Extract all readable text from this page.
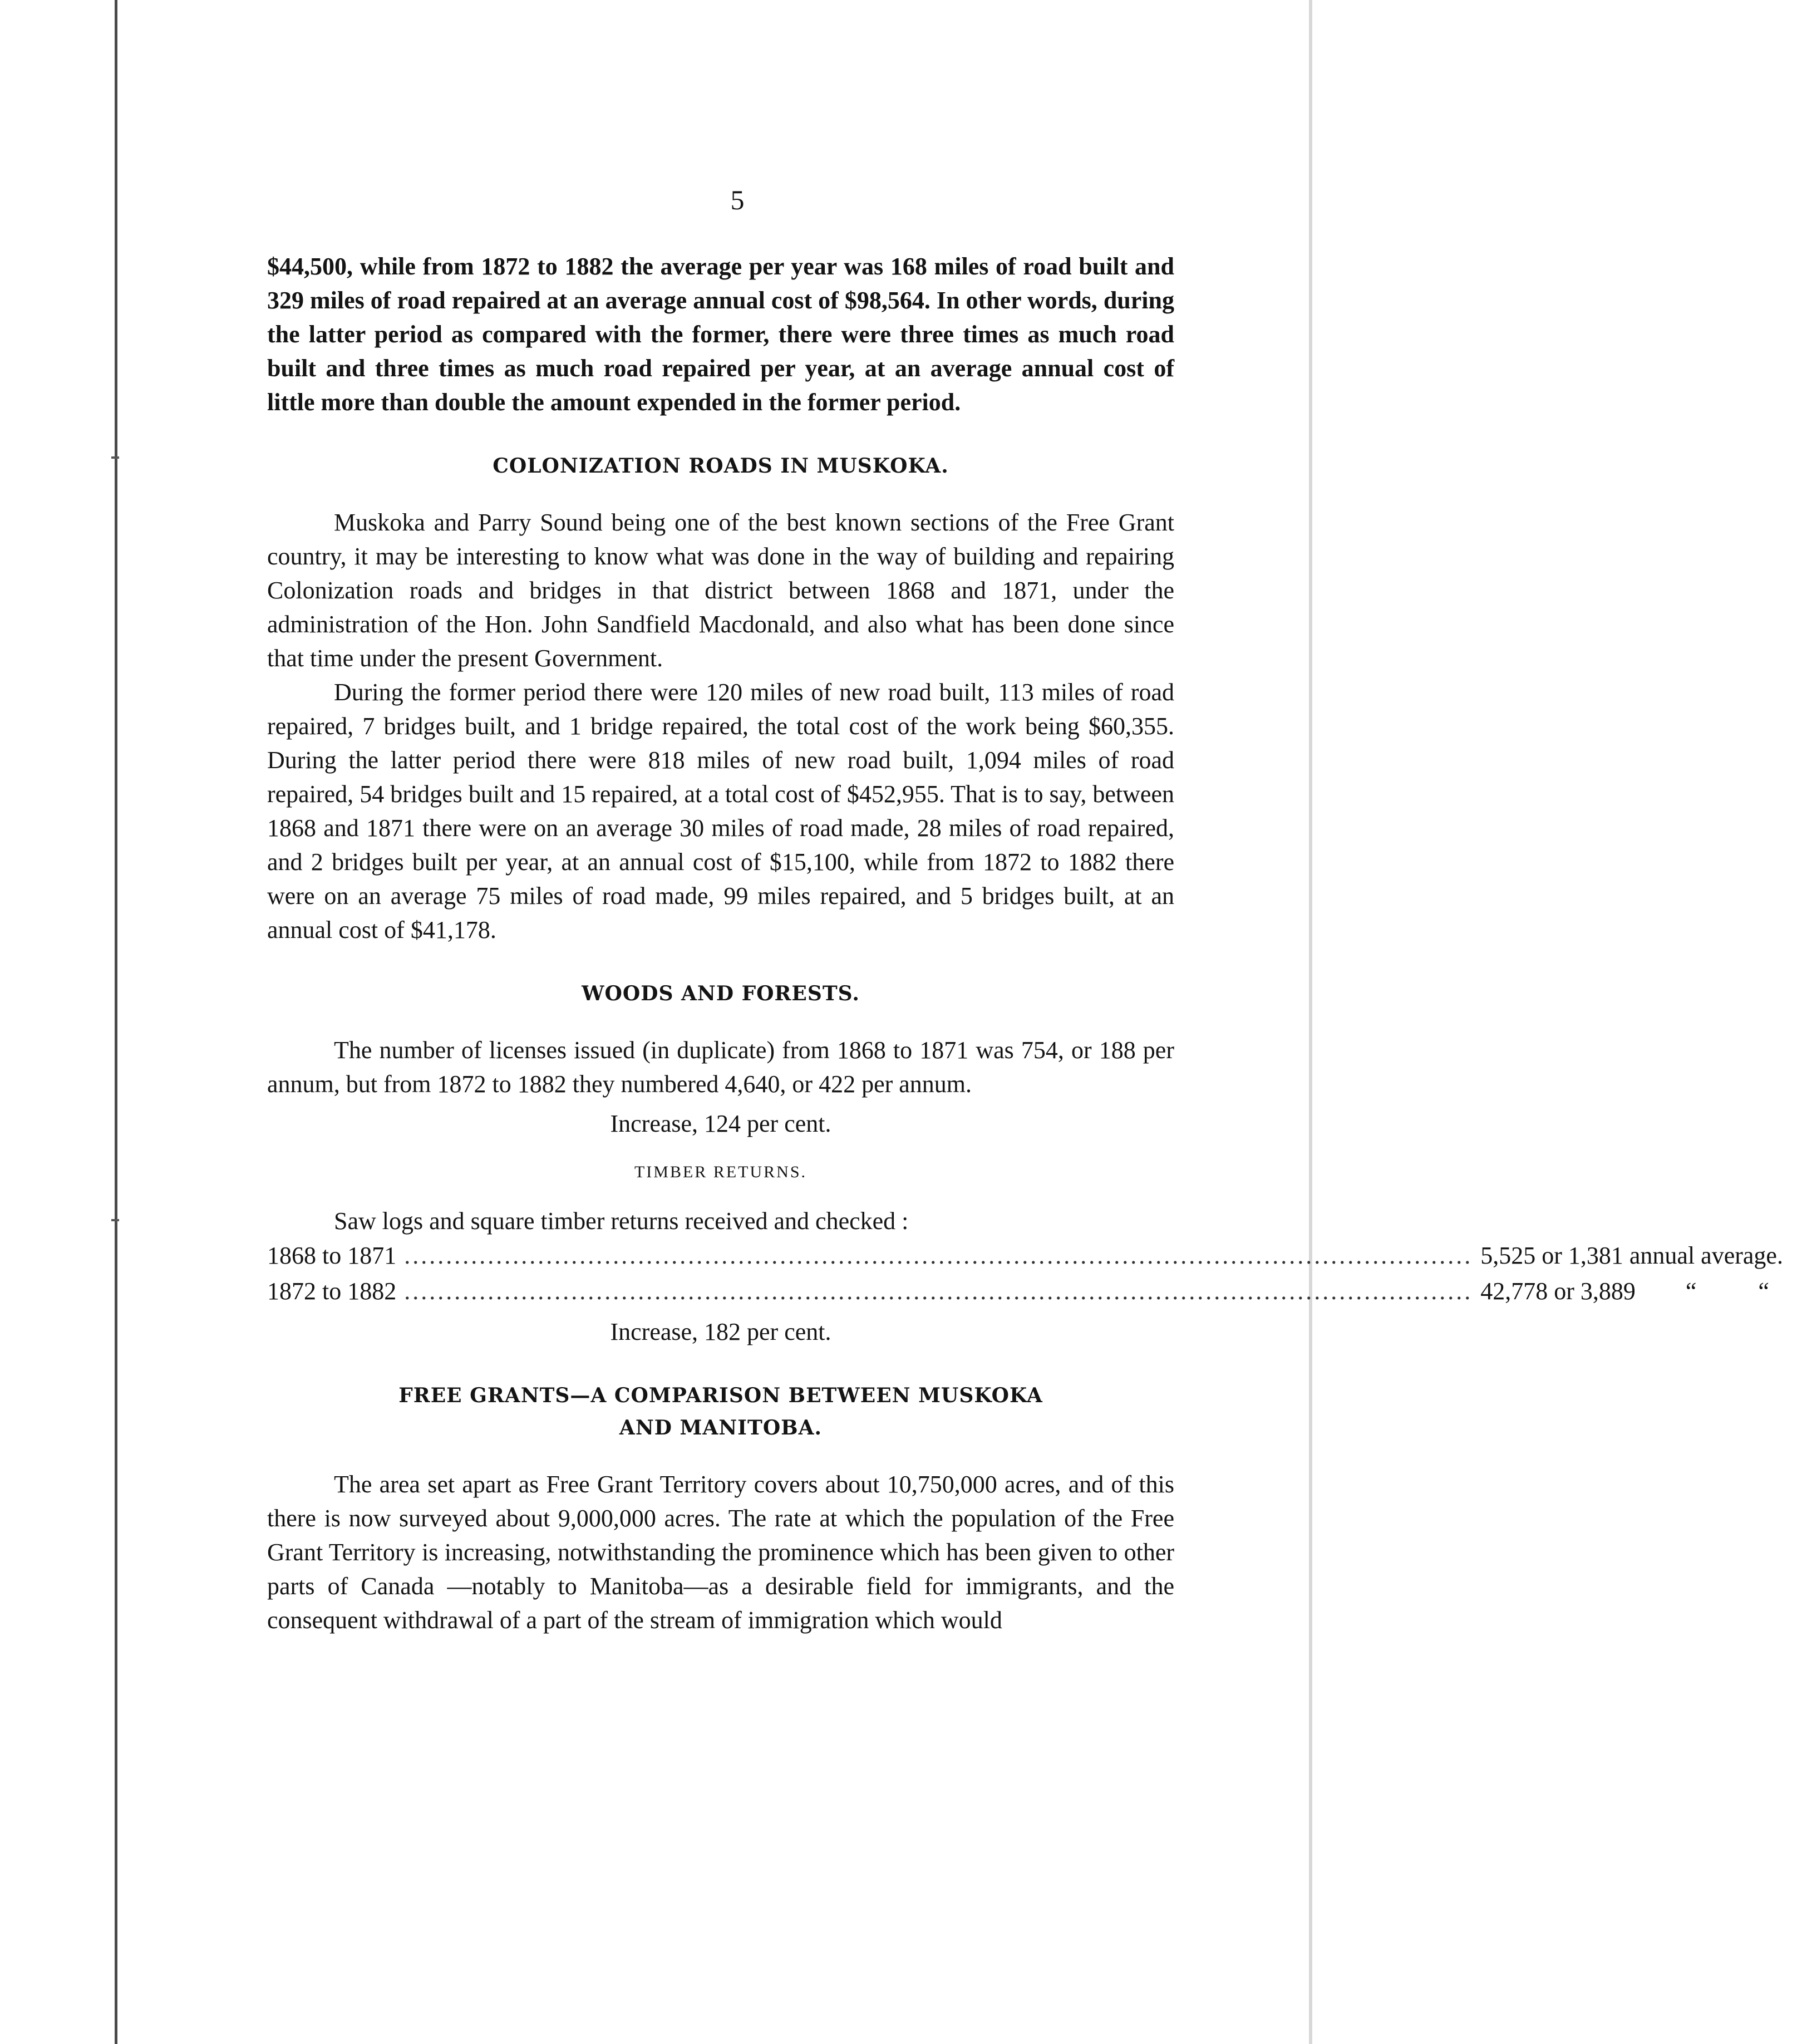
5

$44,500, while from 1872 to 1882 the average per year was 168 miles of road built and 329 miles of road repaired at an average annual cost of $98,564. In other words, during the latter period as compared with the former, there were three times as much road built and three times as much road repaired per year, at an average annual cost of little more than double the amount expended in the former period.

COLONIZATION ROADS IN MUSKOKA.

Muskoka and Parry Sound being one of the best known sections of the Free Grant country, it may be interesting to know what was done in the way of building and repairing Colonization roads and bridges in that district between 1868 and 1871, under the administration of the Hon. John Sandfield Macdonald, and also what has been done since that time under the present Government.

During the former period there were 120 miles of new road built, 113 miles of road repaired, 7 bridges built, and 1 bridge repaired, the total cost of the work being $60,355. During the latter period there were 818 miles of new road built, 1,094 miles of road repaired, 54 bridges built and 15 repaired, at a total cost of $452,955. That is to say, between 1868 and 1871 there were on an average 30 miles of road made, 28 miles of road repaired, and 2 bridges built per year, at an annual cost of $15,100, while from 1872 to 1882 there were on an average 75 miles of road made, 99 miles repaired, and 5 bridges built, at an annual cost of $41,178.

WOODS AND FORESTS.

The number of licenses issued (in duplicate) from 1868 to 1871 was 754, or 188 per annum, but from 1872 to 1882 they numbered 4,640, or 422 per annum.

Increase, 124 per cent.
TIMBER RETURNS.

Saw logs and square timber returns received and checked :

1868 to 1871 ................................................................................................................................ 5,525 or 1,381 annual average.
1872 to 1882 ................................................................................................................................ 42,778 or 3,889 “ “
Increase, 182 per cent.
FREE GRANTS—A COMPARISON BETWEEN MUSKOKA
AND MANITOBA.

The area set apart as Free Grant Territory covers about 10,750,000 acres, and of this there is now surveyed about 9,000,000 acres. The rate at which the population of the Free Grant Territory is increasing, notwithstanding the prominence which has been given to other parts of Canada —notably to Manitoba—as a desirable field for immigrants, and the consequent withdrawal of a part of the stream of immigration which would
